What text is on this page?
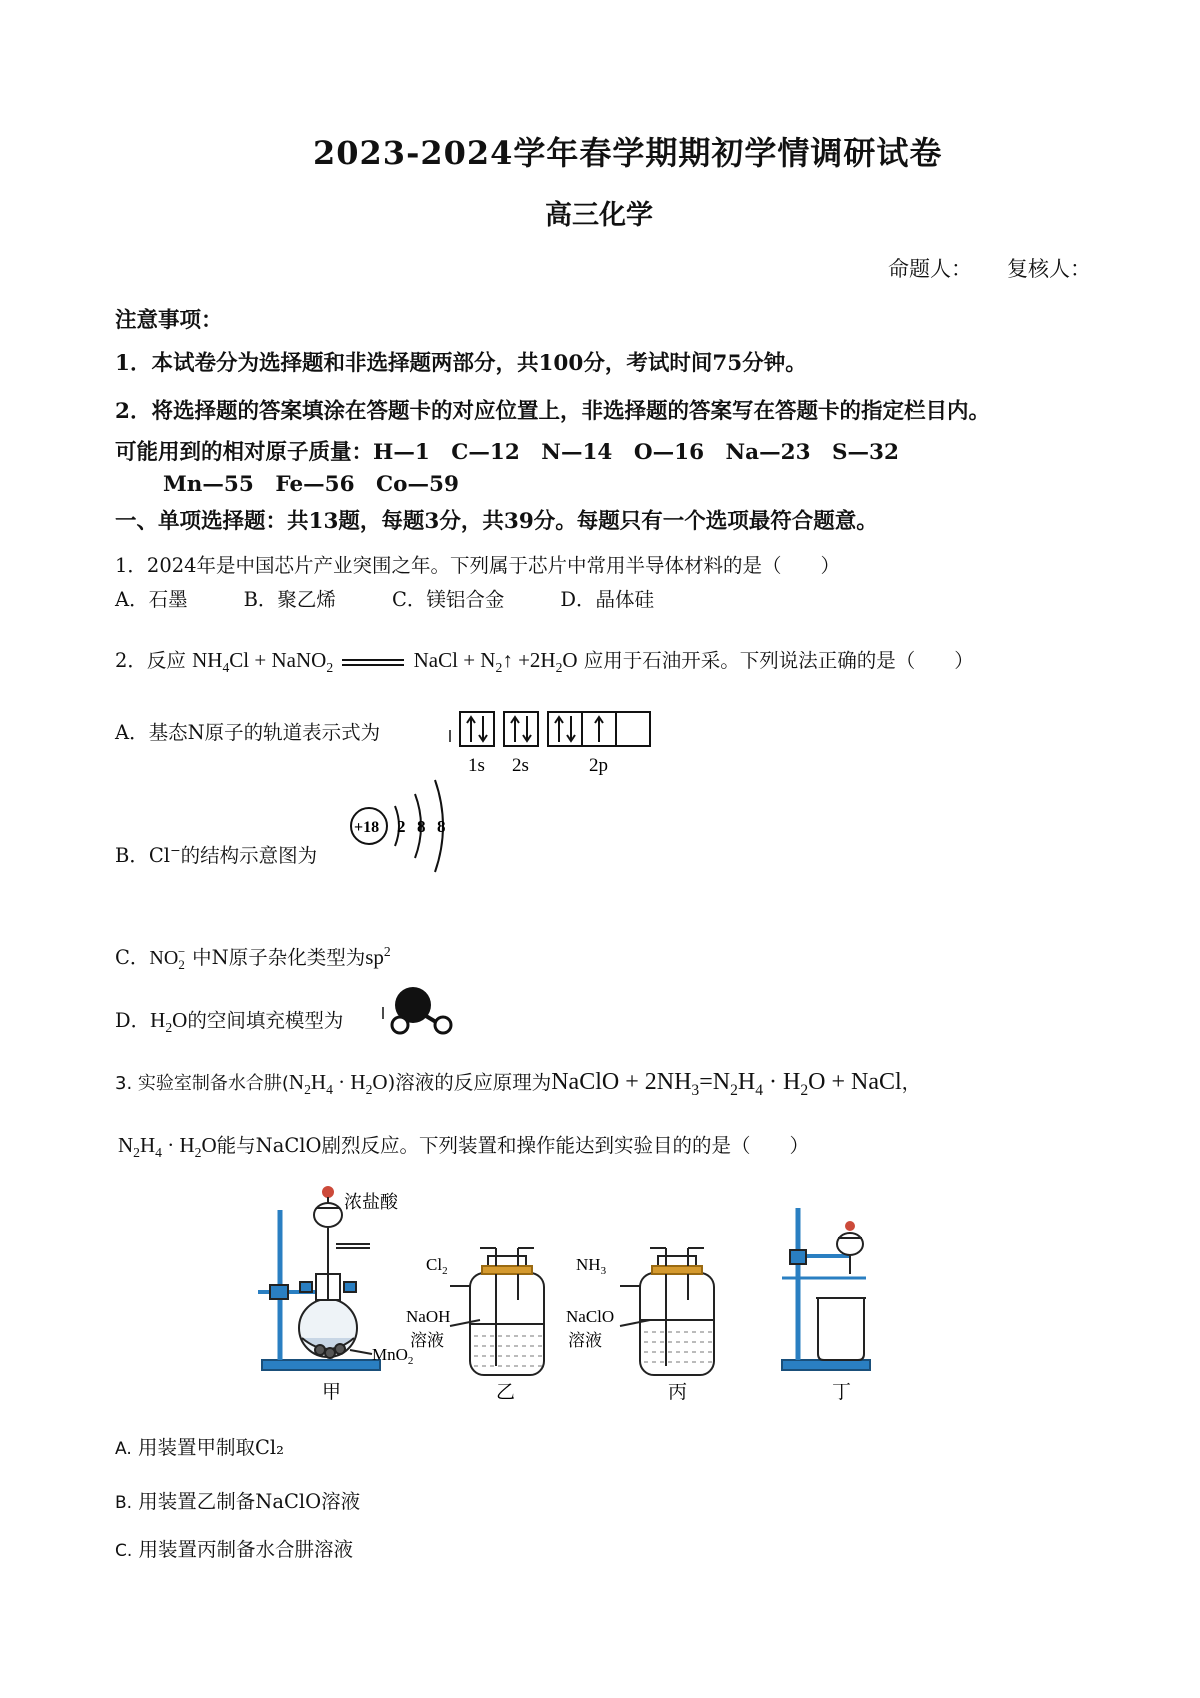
2023-2024学年春学期期初学情调研试卷
高三化学
命题人： 复核人：
注意事项：
1．本试卷分为选择题和非选择题两部分，共100分，考试时间75分钟。
2．将选择题的答案填涂在答题卡的对应位置上，非选择题的答案写在答题卡的指定栏目内。
可能用到的相对原子质量：H—1　C—12　N—14　O—16　Na—23　S—32
Mn—55　Fe—56　Co—59
一、单项选择题：共13题，每题3分，共39分。每题只有一个选项最符合题意。
1．2024年是中国芯片产业突围之年。下列属于芯片中常用半导体材料的是（　　）
A．石墨	B．聚乙烯	C．镁铝合金	D．晶体硅
2．反应 $NH_4Cl$ + NaNO$_2$	NaCl + $N_2↑ +2H_2O$ 应用于石油开采。下列说法正确的是（　　）
A．基态N原子的轨道表示式为
1s 2s	2p
B．Cl−的结构示意图为
+18 2 8 8
C．$NO_2^-$ 中N原子杂化类型为$sp^2$
D．$H_2O$的空间填充模型为
3. 实验室制备水合肼$(N_2H_4 \cdot H_2O)$溶液的反应原理为NaClO + $2NH_3=N_2H_4 \cdot H_2O$ + NaCl，
$N_2H_4 \cdot H_2O$能与NaClO剧烈反应。下列装置和操作能达到实验目的的是（　　）
浓盐酸
MnO$_2$
$Cl_2$
NaOH
溶液
$NH_3$
NaClO
溶液
甲	乙	丙	丁
A. 用装置甲制取Cl₂
B. 用装置乙制备NaClO溶液
C. 用装置丙制备水合肼溶液
